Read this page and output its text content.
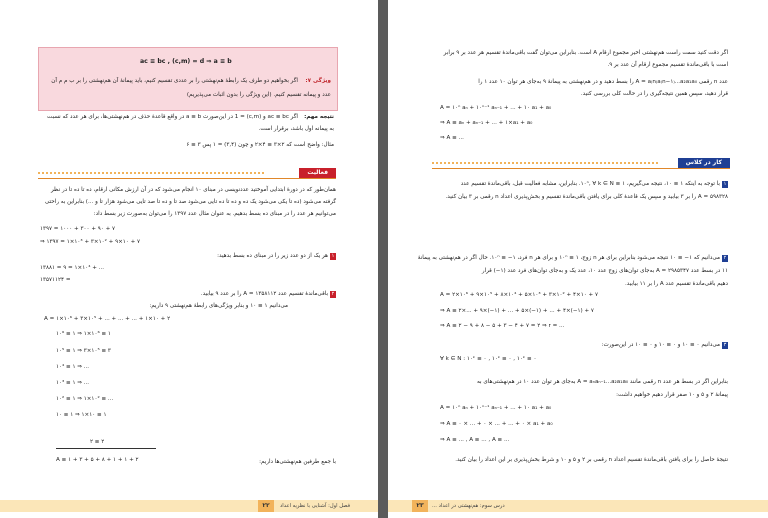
ac ≡ bc , (c,m) = d ⇒ a ≡ b
ویژگی ۷:
اگر بخواهیم دو طرف یک رابطهٔ هم‌نهشتی را بر عددی تقسیم کنیم، باید پیمانهٔ آن هم‌نهشتی را بر ب م م آن
عدد و پیمانه تقسیم کنیم. (این ویژگی را بدون اثبات می‌پذیریم)
نتیجه مهم:
اگر ac ≡ bc و (c,m) = 1 در این‌صورت a ≡ b در واقع قاعدهٔ حذف در هم‌نهشتی‌ها، برای هر عدد که نسبت
به پیمانه اول باشد، برقرار است.
مثال: واضح است که ۲×۳ ≡ ۴×۲ و چون (۳,۴) = ۱ پس ۳ ≡ ۶
فعالیت
همان‌طور که در دورهٔ ابتدایی آموختید عددنویسی در مبنای ۱۰ انجام می‌شود که در آن ارزش مکانی ارقام، ده تا ده تا در نظر
گرفته می‌شود (ده تا یکی می‌شود یک ده و ده تا ده تایی می‌شود صد تا و ده تا صد تایی می‌شود هزار تا و ...) بنابراین به راحتی
می‌توانیم هر عدد را در مبنای ده بسط بدهیم. به عنوان مثال عدد ۱۳۹۷ را می‌توان به‌صورت زیر بسط داد:
۱۳۹۷ = ۱۰۰۰ + ۳۰۰ + ۹۰ + ۷
⇒ ۱۳۹۷ = ۱×۱۰³ + ۳×۱۰² + ۹×۱۰ + ۷
۱هر یک از دو عدد زیر را در مبنای ده بسط بدهید:
۱۳۸۸۱ = ۹ = ۱×۱۰⁴ + ...
۱۳۵۷۱۱۲۴ =
۲باقی‌ماندهٔ تقسیم عدد A = ۱۳۵۸۱۱۲ را بر عدد ۹ بیابید.
می‌دانیم ۱ ≡ ۱۰ و بنابر ویژگی‌های رابطهٔ هم‌نهشتی ۹ داریم:
A = ۱×۱۰⁶ + ۳×۱۰⁵ + ... + ... + ... + ۱×۱۰ + ۲
۱۰⁶ ≡ ۱ ⇒ ۱×۱۰⁶ ≡ ۱
۱۰⁵ ≡ ۱ ⇒ ۳×۱۰⁵ ≡ ۳
۱۰⁴ ≡ ۱ ⇒ ...
۱۰³ ≡ ۱ ⇒ ...
۱۰² ≡ ۱ ⇒ ۱×۱۰² ≡ ...
۱۰ ≡ ۱ ⇒ ۱×۱۰ ≡ ۱
۲ ≡ ۲
A ≡ ۱ + ۳ + ۵ + ۸ + ۱ + ۱ + ۲	با جمع طرفین هم‌نهشتی‌ها داریم:
۲۲	فصل اول: آشنایی با نظریه اعداد
اگر دقت کنید سمت راست هم‌نهشتی اخیر مجموع ارقام A است. بنابراین می‌توان گفت باقی‌ماندهٔ تقسیم هر عدد بر ۹ برابر
است با باقی‌ماندهٔ تقسیم مجموع ارقام آن عدد بر ۹.
عدد n رقمی A = a₍n₎a₍n−۱₎...a₂a₁a₀ را بسط دهید و در هم‌نهشتی به پیمانهٔ ۹ به‌جای هر توان ۱۰ عدد ۱ را
قرار دهید، سپس همین نتیجه‌گیری را در حالت کلی بررسی کنید.
A = ۱۰ⁿ aₙ + ۱۰ⁿ⁻¹ aₙ₋₁ + ... + ۱۰ a₁ + a₀
⇒ A ≡ aₙ + aₙ₋₁ + ... + ۱×a₁ + a₀
⇒ A ≡ ...
کار در کلاس
۱با توجه به اینکه ۱ ≡ ۱۰، نتیجه می‌گیریم، ۱ ≡ ۱۰ⁿ, ∀ k ∈ N. بنابراین، مشابه فعالیت قبل، باقی‌ماندهٔ تقسیم عدد
۵۹۸۳۲۸ = A را بر ۳ بیابید و سپس یک قاعدهٔ کلی برای یافتن باقی‌ماندهٔ تقسیم و بخش‌پذیری اعداد n رقمی بر ۳ بیان کنید.
۲می‌دانیم که ۱− ≡ ۱۰ نتیجه می‌شود بنابراین برای هر n زوج، ۱ ≡ ۱۰ⁿ و برای هر n فرد، ۱− ≡ ۱۰ⁿ. حال اگر در هم‌نهشتی به پیمانهٔ
۱۱ در بسط عدد A = ۲۹۸۵۳۴۷ به‌جای توان‌های زوج عدد ۱۰، عدد یک و به‌جای توان‌های فرد عدد (۱−) قرار
دهیم باقی‌ماندهٔ تقسیم عدد A را بر ۱۱ بیابید.
A = ۲×۱۰⁶ + ۹×۱۰⁵ + ۸×۱۰⁴ + ۵×۱۰³ + ۳×۱۰² + ۴×۱۰ + ۷
⇒ A ≡ ۲×... + ۹×(−۱) + ... + ۵×(−۱) + ... + ۴×(−۱) + ۷
⇒ A ≡ ۲ − ۹ + ۸ − ۵ + ۳ − ۴ + ۷ = ۲ ⇒ r = ...
۳می‌دانیم ۰ ≡ ۱۰ و ۰ ≡ ۱۰ و ۰ ≡ ۱۰ در این‌صورت:
∀ k ∈ N : ۱۰ᵏ ≡ ۰ , ۱۰ᵏ ≡ ۰ , ۱۰ᵏ ≡ ۰
بنابراین اگر در بسط هر عدد n رقمی مانند A = aₙaₙ₋₁...a₂a₁a₀ به‌جای هر توان عدد ۱۰ در هم‌نهشتی‌های به
پیمانهٔ ۲ و ۵ و ۱۰ صفر قرار دهیم خواهیم داشت:
A = ۱۰ⁿ aₙ + ۱۰ⁿ⁻¹ aₙ₋₁ + ... + ۱۰ a₁ + a₀
⇒ A ≡ ۰ × ... + ۰ × ... + ... + ۰ × a₁ + a₀
⇒ A ≡ ... , A ≡ ... , A ≡ ...
نتیجهٔ حاصل را برای یافتن باقی‌ماندهٔ تقسیم اعداد n رقمی بر ۲ و ۵ و ۱۰ و شرط بخش‌پذیری بر این اعداد را بیان کنید.
۲۳	درس سوم: هم‌نهشتی در اعداد ...
